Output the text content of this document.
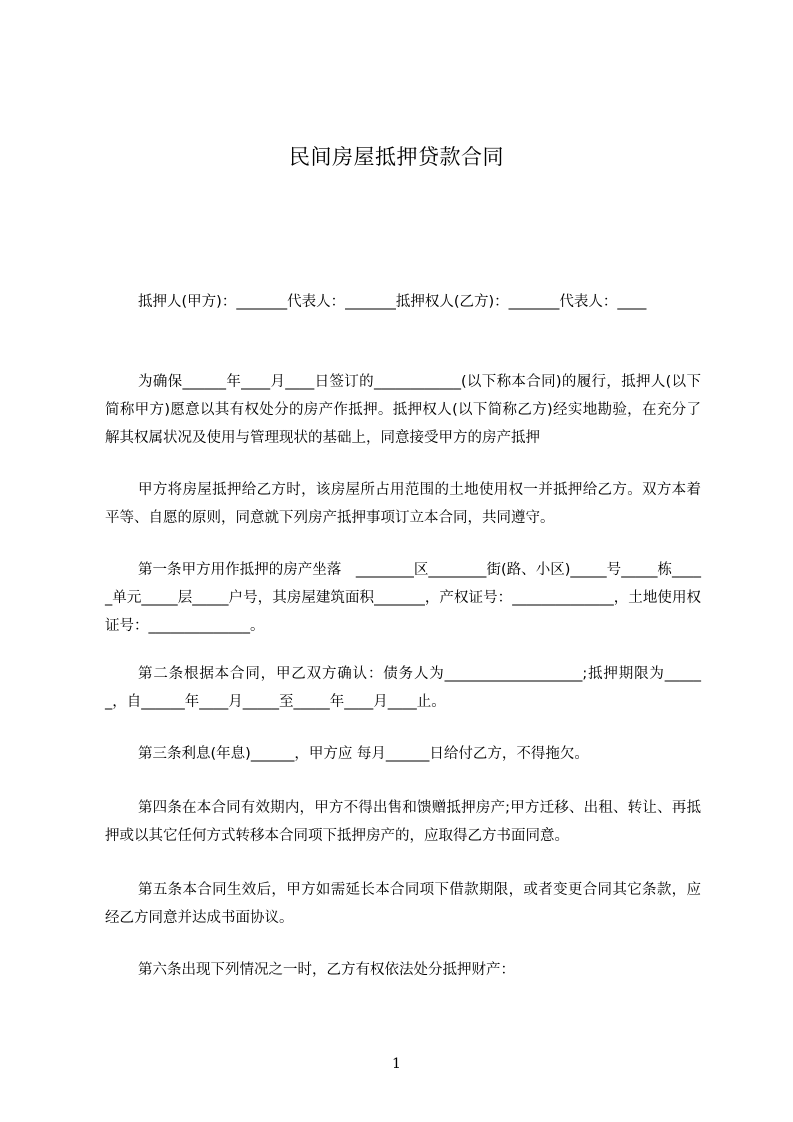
民间房屋抵押贷款合同

抵押人(甲方)：_______代表人：_______抵押权人(乙方)：_______代表人：____

为确保______年____月____日签订的____________(以下称本合同)的履行，抵押人(以下简称甲方)愿意以其有权处分的房产作抵押。抵押权人(以下简称乙方)经实地勘验，在充分了解其权属状况及使用与管理现状的基础上，同意接受甲方的房产抵押

甲方将房屋抵押给乙方时，该房屋所占用范围的土地使用权一并抵押给乙方。双方本着平等、自愿的原则，同意就下列房产抵押事项订立本合同，共同遵守。

第一条甲方用作抵押的房产坐落　________区________街(路、小区)_____号_____栋_____单元_____层_____户号，其房屋建筑面积_______，产权证号：______________，土地使用权证号：______________。

第二条根据本合同，甲乙双方确认：债务人为___________________;抵押期限为______，自______年____月_____至_____年____月____止。

第三条利息(年息)______，甲方应 每月______日给付乙方，不得拖欠。

第四条在本合同有效期内，甲方不得出售和馈赠抵押房产;甲方迁移、出租、转让、再抵押或以其它任何方式转移本合同项下抵押房产的，应取得乙方书面同意。

第五条本合同生效后，甲方如需延长本合同项下借款期限，或者变更合同其它条款，应经乙方同意并达成书面协议。

第六条出现下列情况之一时，乙方有权依法处分抵押财产：

1
